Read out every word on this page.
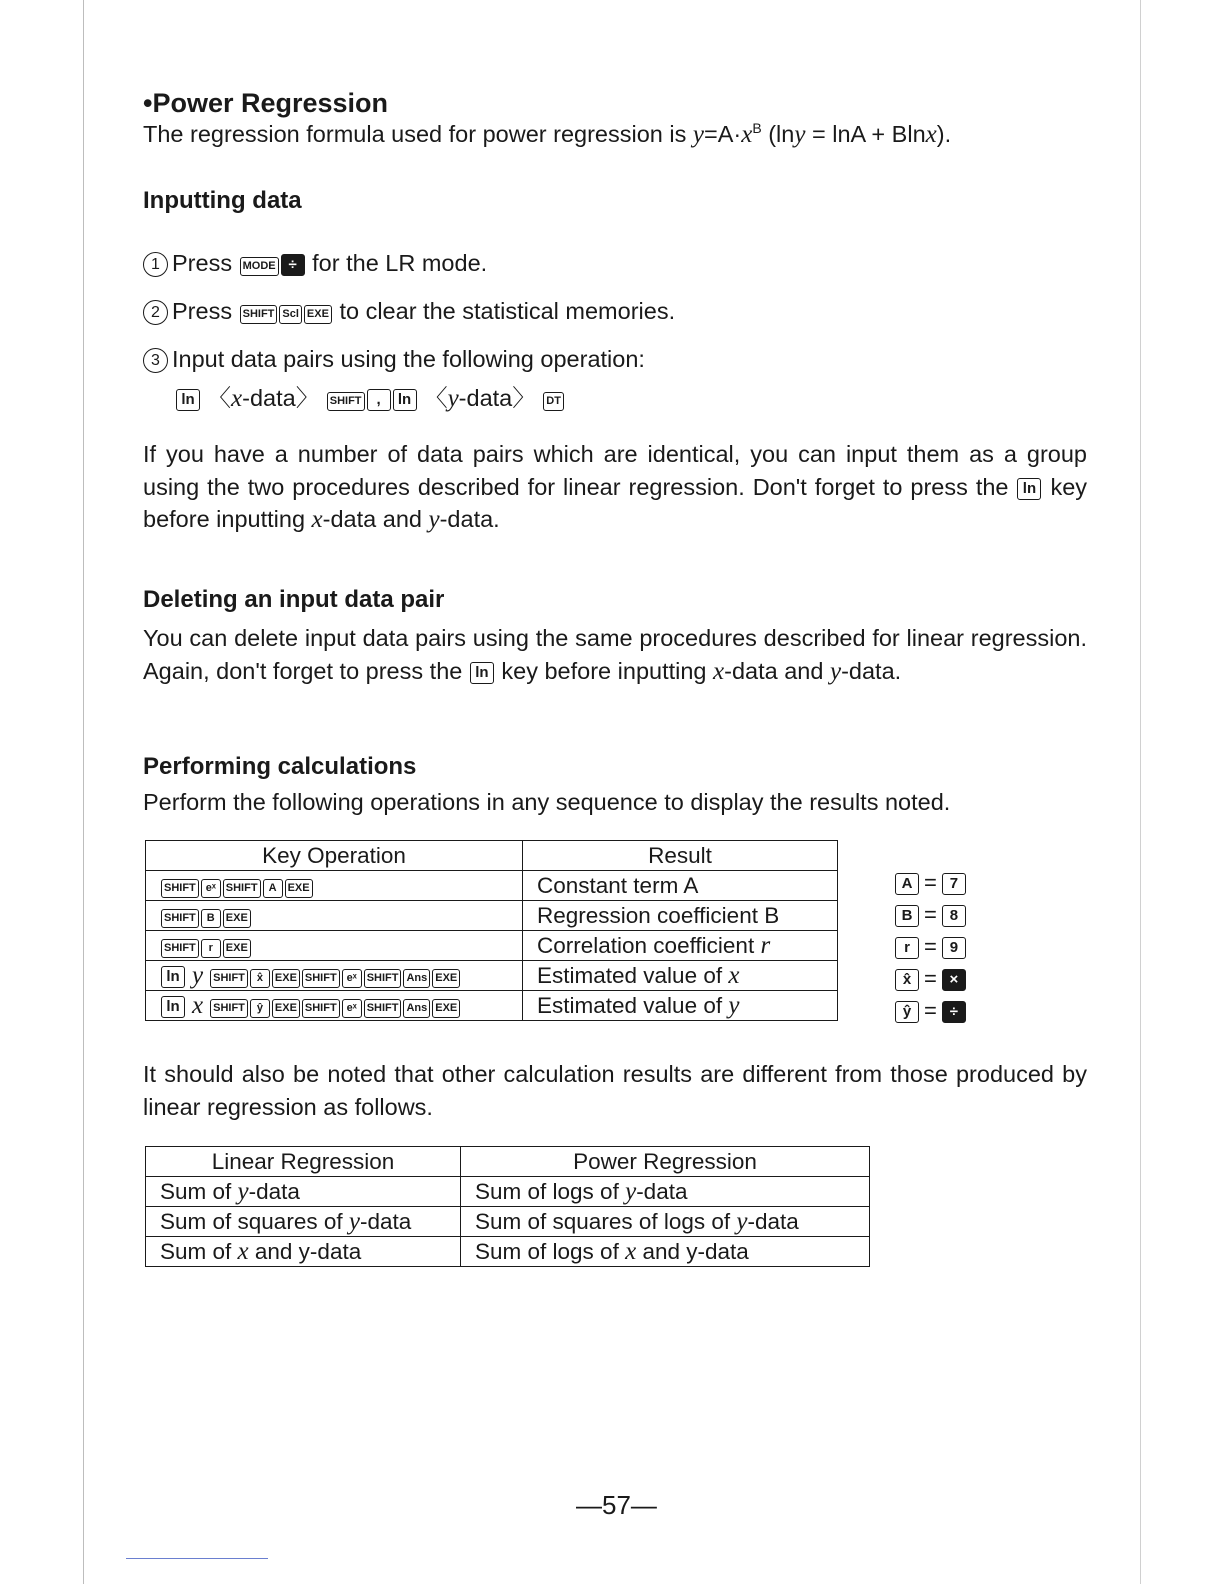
•Power Regression
The regression formula used for power regression is $y=A\cdot x^B$ (lny = lnA + Blnx).
Inputting data
1 Press MODE ÷ for the LR mode.
2 Press SHIFT Scl EXE to clear the statistical memories.
3 Input data pairs using the following operation:
ln 〈x-data〉 SHIFT , ln 〈y-data〉 DT
If you have a number of data pairs which are identical, you can input them as a group using the two procedures described for linear regression. Don't forget to press the ln key before inputting x-data and y-data.
Deleting an input data pair
You can delete input data pairs using the same procedures described for linear regression. Again, don't forget to press the ln key before inputting x-data and y-data.
Performing calculations
Perform the following operations in any sequence to display the results noted.
Key Operation	Result
SHIFT eˣ SHIFT A EXE	Constant term A
SHIFT B EXE	Regression coefficient B
SHIFT r EXE	Correlation coefficient r
ln y SHIFT x̂ EXE SHIFT eˣ SHIFT Ans EXE	Estimated value of x
ln x SHIFT ŷ EXE SHIFT eˣ SHIFT Ans EXE	Estimated value of y
A = 7
B = 8
r = 9
x̂ = ×
ŷ = ÷
It should also be noted that other calculation results are different from those produced by linear regression as follows.
Linear Regression	Power Regression
Sum of y-data	Sum of logs of y-data
Sum of squares of y-data	Sum of squares of logs of y-data
Sum of x and y-data	Sum of logs of x and y-data
—57—
